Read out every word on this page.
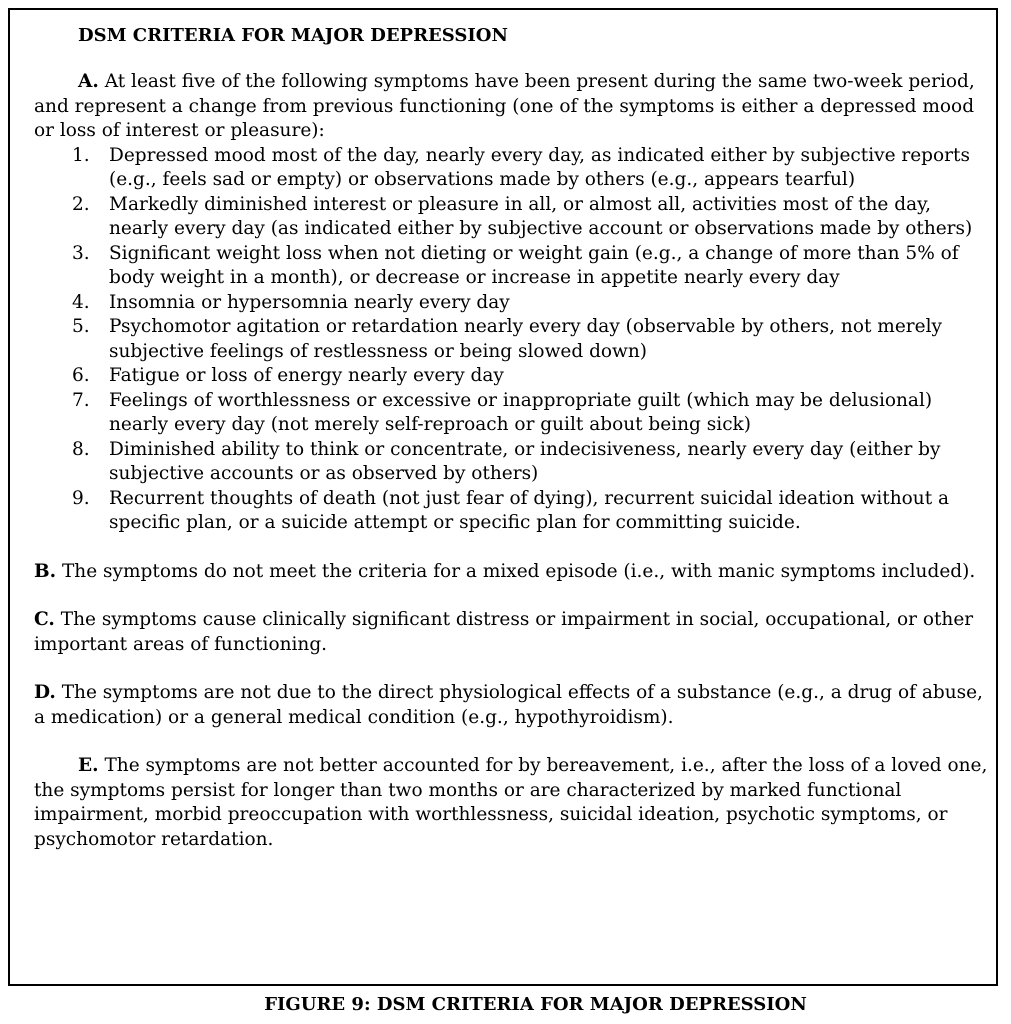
DSM CRITERIA FOR MAJOR DEPRESSION

A. At least five of the following symptoms have been present during the same two-week period, and represent a change from previous functioning (one of the symptoms is either a depressed mood or loss of interest or pleasure):

1. Depressed mood most of the day, nearly every day, as indicated either by subjective reports (e.g., feels sad or empty) or observations made by others (e.g., appears tearful)
2. Markedly diminished interest or pleasure in all, or almost all, activities most of the day, nearly every day (as indicated either by subjective account or observations made by others)
3. Significant weight loss when not dieting or weight gain (e.g., a change of more than 5% of body weight in a month), or decrease or increase in appetite nearly every day
4. Insomnia or hypersomnia nearly every day
5. Psychomotor agitation or retardation nearly every day (observable by others, not merely subjective feelings of restlessness or being slowed down)
6. Fatigue or loss of energy nearly every day
7. Feelings of worthlessness or excessive or inappropriate guilt (which may be delusional) nearly every day (not merely self-reproach or guilt about being sick)
8. Diminished ability to think or concentrate, or indecisiveness, nearly every day (either by subjective accounts or as observed by others)
9. Recurrent thoughts of death (not just fear of dying), recurrent suicidal ideation without a specific plan, or a suicide attempt or specific plan for committing suicide.

B. The symptoms do not meet the criteria for a mixed episode (i.e., with manic symptoms included).

C. The symptoms cause clinically significant distress or impairment in social, occupational, or other important areas of functioning.

D. The symptoms are not due to the direct physiological effects of a substance (e.g., a drug of abuse, a medication) or a general medical condition (e.g., hypothyroidism).

E. The symptoms are not better accounted for by bereavement, i.e., after the loss of a loved one, the symptoms persist for longer than two months or are characterized by marked functional impairment, morbid preoccupation with worthlessness, suicidal ideation, psychotic symptoms, or psychomotor retardation.

FIGURE 9: DSM CRITERIA FOR MAJOR DEPRESSION
